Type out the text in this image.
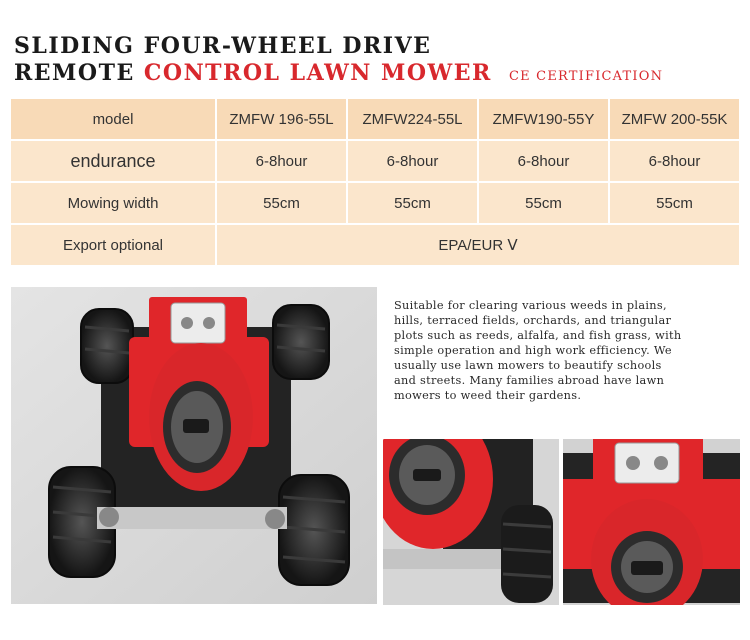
SLIDING FOUR-WHEEL DRIVE
REMOTE CONTROL LAWN MOWER CE CERTIFICATION
model	ZMFW 196-55L	ZMFW224-55L	ZMFW190-55Y	ZMFW 200-55K
endurance	6-8hour	6-8hour	6-8hour	6-8hour
Mowing width	55cm	55cm	55cm	55cm
Export optional	EPA/EUR Ⅴ			
Suitable for clearing various weeds in plains,
hills, terraced fields, orchards, and triangular
plots such as reeds, alfalfa, and fish grass, with
simple operation and high work efficiency. We
usually use lawn mowers to beautify schools
and streets. Many families abroad have lawn
mowers to weed their gardens.
